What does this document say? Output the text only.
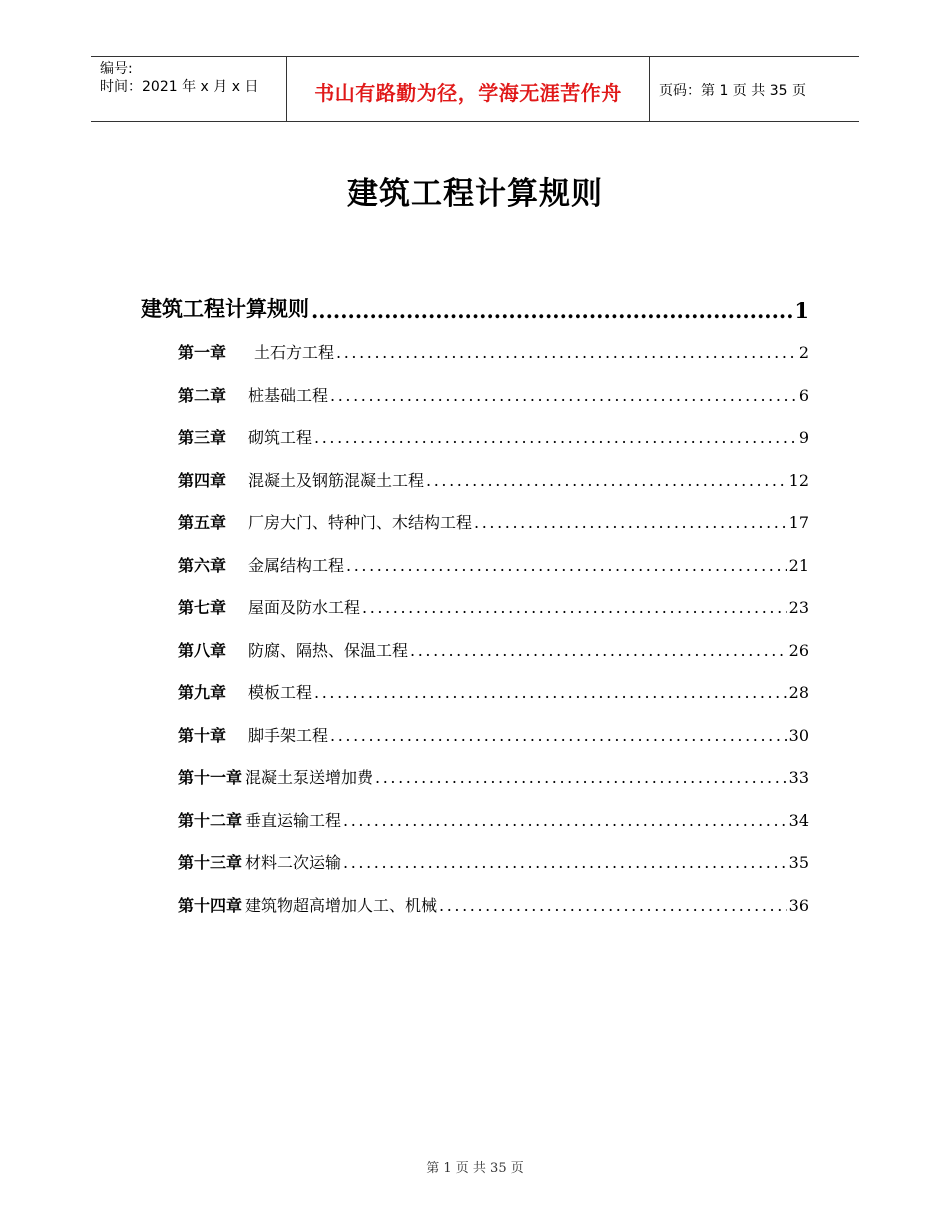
编号:
时间：2021 年 x 月 x 日	书山有路勤为径，学海无涯苦作舟	页码：第 1 页 共 35 页
建筑工程计算规则
建筑工程计算规则 .....	1
第一章 土石方工程 .....	2
第二章 桩基础工程 .....	6
第三章 砌筑工程 .....	9
第四章 混凝土及钢筋混凝土工程 .....	12
第五章 厂房大门、特种门、木结构工程 .....	17
第六章 金属结构工程 .....	21
第七章 屋面及防水工程 .....	23
第八章 防腐、隔热、保温工程 .....	26
第九章 模板工程 .....	28
第十章 脚手架工程 .....	30
第十一章 混凝土泵送增加费 .....	33
第十二章 垂直运输工程 .....	34
第十三章 材料二次运输 .....	35
第十四章 建筑物超高增加人工、机械 .....	36
第 1 页 共 35 页
